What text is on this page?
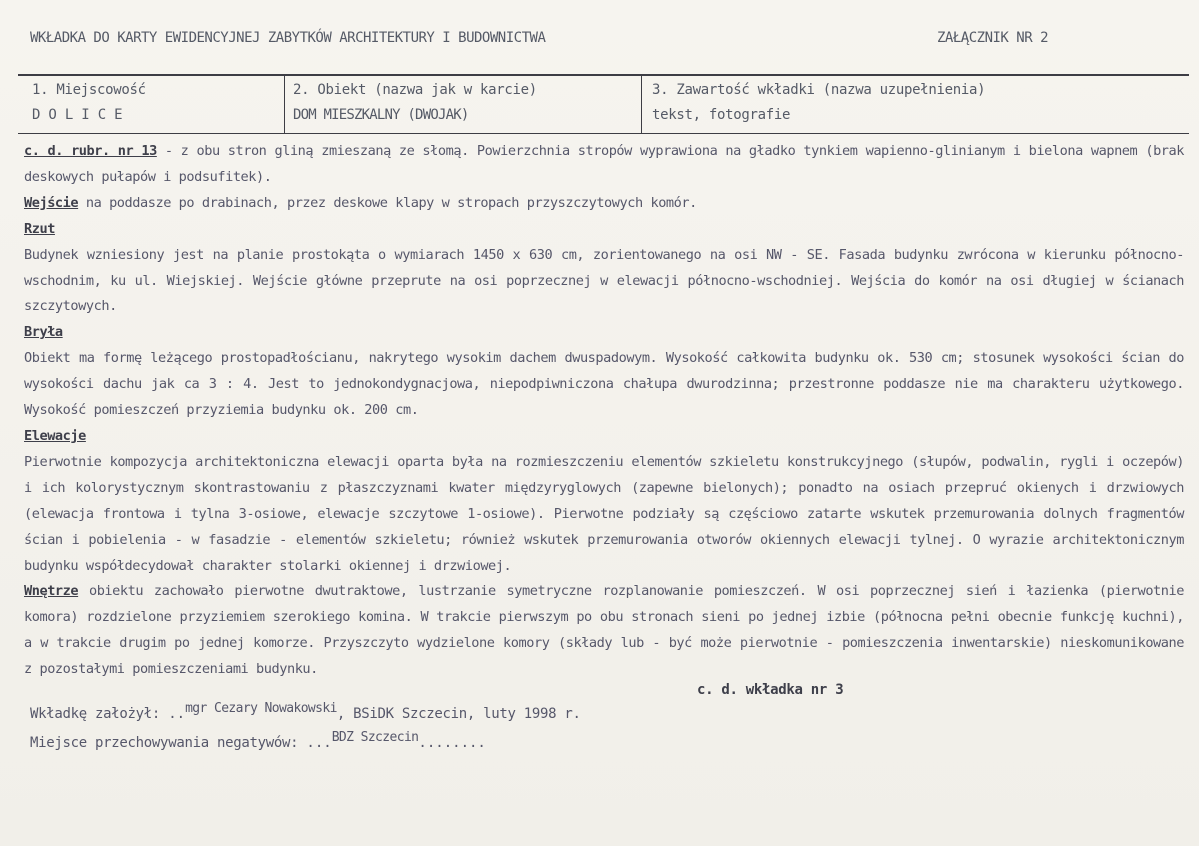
WKŁADKA DO KARTY EWIDENCYJNEJ ZABYTKÓW ARCHITEKTURY I BUDOWNICTWA	ZAŁĄCZNIK NR 2
1. Miejscowość
DOLICE
2. Obiekt (nazwa jak w karcie)
DOM MIESZKALNY (DWOJAK)
3. Zawartość wkładki (nazwa uzupełnienia)
tekst, fotografie

c. d. rubr. nr 13 - z obu stron gliną zmieszaną ze słomą. Powierzchnia stropów wyprawiona na gładko tynkiem wapienno-glinianym i bielona wapnem (brak deskowych pułapów i podsufitek).

Wejście na poddasze po drabinach, przez deskowe klapy w stropach przyszczytowych komór.

Rzut

Budynek wzniesiony jest na planie prostokąta o wymiarach 1450 x 630 cm, zorientowanego na osi NW - SE. Fasada budynku zwrócona w kierunku północno-wschodnim, ku ul. Wiejskiej. Wejście główne przeprute na osi poprzecznej w elewacji północno-wschodniej. Wejścia do komór na osi długiej w ścianach szczytowych.

Bryła

Obiekt ma formę leżącego prostopadłościanu, nakrytego wysokim dachem dwuspadowym. Wysokość całkowita budynku ok. 530 cm; stosunek wysokości ścian do wysokości dachu jak ca 3 : 4. Jest to jednokondygnacjowa, niepodpiwniczona chałupa dwurodzinna; przestronne poddasze nie ma charakteru użytkowego. Wysokość pomieszczeń przyziemia budynku ok. 200 cm.

Elewacje

Pierwotnie kompozycja architektoniczna elewacji oparta była na rozmieszczeniu elementów szkieletu konstrukcyjnego (słupów, podwalin, rygli i oczepów) i ich kolorystycznym skontrastowaniu z płaszczyznami kwater międzyryglowych (zapewne bielonych); ponadto na osiach przepruć okienych i drzwiowych (elewacja frontowa i tylna 3-osiowe, elewacje szczytowe 1-osiowe). Pierwotne podziały są częściowo zatarte wskutek przemurowania dolnych fragmentów ścian i pobielenia - w fasadzie - elementów szkieletu; również wskutek przemurowania otworów okiennych elewacji tylnej. O wyrazie architektonicznym budynku współdecydował charakter stolarki okiennej i drzwiowej.

Wnętrze obiektu zachowało pierwotne dwutraktowe, lustrzanie symetryczne rozplanowanie pomieszczeń. W osi poprzecznej sień i łazienka (pierwotnie komora) rozdzielone przyziemiem szerokiego komina. W trakcie pierwszym po obu stronach sieni po jednej izbie (północna pełni obecnie funkcję kuchni), a w trakcie drugim po jednej komorze. Przyszczyto wydzielone komory (składy lub - być może pierwotnie - pomieszczenia inwentarskie) nieskomunikowane z pozostałymi pomieszczeniami budynku.

c. d. wkładka nr 3
Wkładkę założył: ..mgr Cezary Nowakowski, BSiDK Szczecin, luty 1998 r.
Miejsce przechowywania negatywów: ...BDZ Szczecin........
